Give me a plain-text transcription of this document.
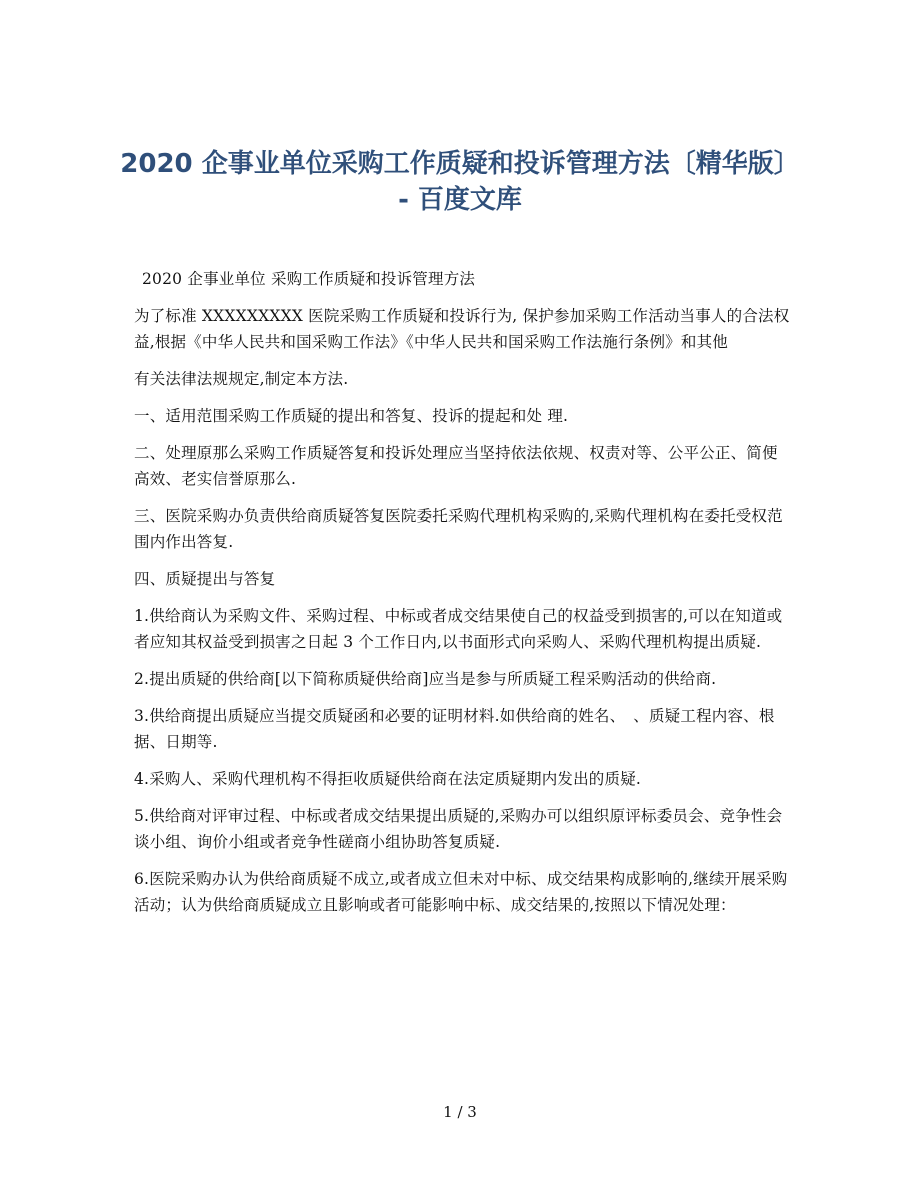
2020 企事业单位采购工作质疑和投诉管理方法〔精华版〕 - 百度文库

2020 企事业单位 采购工作质疑和投诉管理方法

为了标准 XXXXXXXXX 医院采购工作质疑和投诉行为, 保护参加采购工作活动当事人的合法权益,根据《中华人民共和国采购工作法》《中华人民共和国采购工作法施行条例》和其他

有关法律法规规定,制定本方法.

一、适用范围采购工作质疑的提出和答复、投诉的提起和处 理.

二、处理原那么采购工作质疑答复和投诉处理应当坚持依法依规、权责对等、公平公正、简便高效、老实信誉原那么.

三、医院采购办负责供给商质疑答复医院委托采购代理机构采购的,采购代理机构在委托受权范围内作出答复.

四、质疑提出与答复

1.供给商认为采购文件、采购过程、中标或者成交结果使自己的权益受到损害的,可以在知道或者应知其权益受到损害之日起 3 个工作日内,以书面形式向采购人、采购代理机构提出质疑.

2.提出质疑的供给商[以下简称质疑供给商]应当是参与所质疑工程采购活动的供给商.

3.供给商提出质疑应当提交质疑函和必要的证明材料.如供给商的姓名、　、质疑工程内容、根据、日期等.

4.采购人、采购代理机构不得拒收质疑供给商在法定质疑期内发出的质疑.

5.供给商对评审过程、中标或者成交结果提出质疑的,采购办可以组织原评标委员会、竞争性会谈小组、询价小组或者竞争性磋商小组协助答复质疑.

6.医院采购办认为供给商质疑不成立,或者成立但未对中标、成交结果构成影响的,继续开展采购活动；认为供给商质疑成立且影响或者可能影响中标、成交结果的,按照以下情况处理：

1 / 3
